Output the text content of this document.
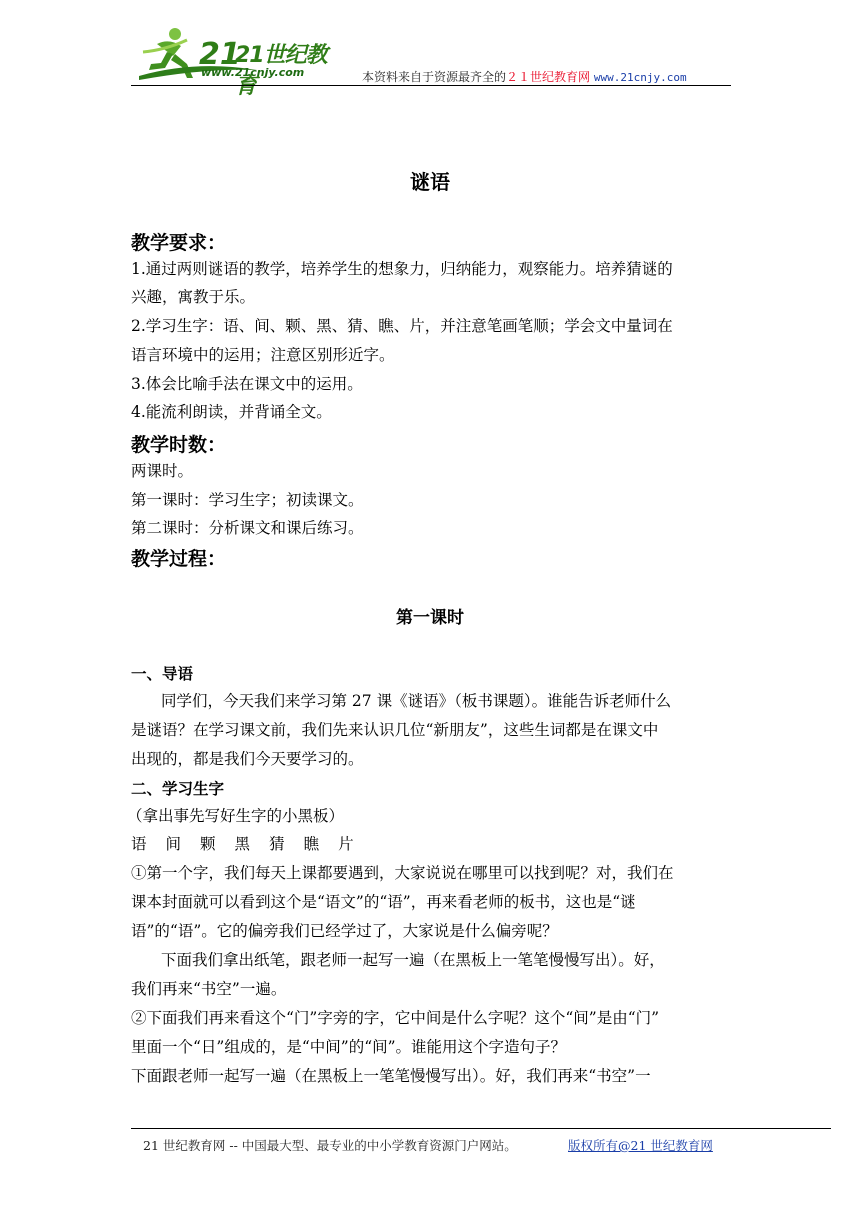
21
21世纪教育
www.21cnjy.com	本资料来自于资源最齐全的２１世纪教育网 www.21cnjy.com
谜语
教学要求：
1.通过两则谜语的教学，培养学生的想象力，归纳能力，观察能力。培养猜谜的
兴趣，寓教于乐。
2.学习生字：语、间、颗、黑、猜、瞧、片，并注意笔画笔顺；学会文中量词在
语言环境中的运用；注意区别形近字。
3.体会比喻手法在课文中的运用。
4.能流利朗读，并背诵全文。
教学时数：
两课时。
第一课时：学习生字；初读课文。
第二课时：分析课文和课后练习。
教学过程：
第一课时
一、导语
同学们，今天我们来学习第 27 课《谜语》（板书课题）。谁能告诉老师什么
是谜语？在学习课文前，我们先来认识几位“新朋友”，这些生词都是在课文中
出现的，都是我们今天要学习的。
二、学习生字
（拿出事先写好生字的小黑板）
语 间 颗 黑 猜 瞧 片
①第一个字，我们每天上课都要遇到，大家说说在哪里可以找到呢？对，我们在
课本封面就可以看到这个是“语文”的“语”，再来看老师的板书，这也是“谜
语”的“语”。它的偏旁我们已经学过了，大家说是什么偏旁呢？
下面我们拿出纸笔，跟老师一起写一遍（在黑板上一笔笔慢慢写出）。好，
我们再来“书空”一遍。
②下面我们再来看这个“门”字旁的字，它中间是什么字呢？这个“间”是由“门”
里面一个“日”组成的，是“中间”的“间”。谁能用这个字造句子？
下面跟老师一起写一遍（在黑板上一笔笔慢慢写出）。好，我们再来“书空”一
21 世纪教育网 -- 中国最大型、最专业的中小学教育资源门户网站。	版权所有@21 世纪教育网
